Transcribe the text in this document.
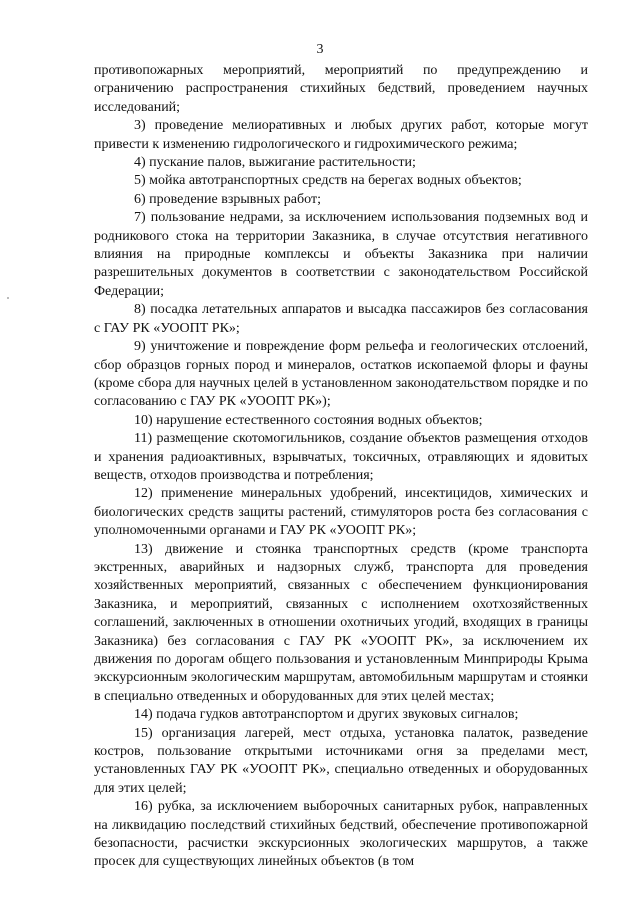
3

противопожарных мероприятий, мероприятий по предупреждению и ограничению распространения стихийных бедствий, проведением научных исследований;

3) проведение мелиоративных и любых других работ, которые могут привести к изменению гидрологического и гидрохимического режима;

4) пускание палов, выжигание растительности;

5) мойка автотранспортных средств на берегах водных объектов;

6) проведение взрывных работ;

7) пользование недрами, за исключением использования подземных вод и родникового стока на территории Заказника, в случае отсутствия негативного влияния на природные комплексы и объекты Заказника при наличии разрешительных документов в соответствии с законодательством Российской Федерации;

8) посадка летательных аппаратов и высадка пассажиров без согласования с ГАУ РК «УООПТ РК»;

9) уничтожение и повреждение форм рельефа и геологических отслоений, сбор образцов горных пород и минералов, остатков ископаемой флоры и фауны (кроме сбора для научных целей в установленном законодательством порядке и по согласованию с ГАУ РК «УООПТ РК»);

10) нарушение естественного состояния водных объектов;

11) размещение скотомогильников, создание объектов размещения отходов и хранения радиоактивных, взрывчатых, токсичных, отравляющих и ядовитых веществ, отходов производства и потребления;

12) применение минеральных удобрений, инсектицидов, химических и биологических средств защиты растений, стимуляторов роста без согласования с уполномоченными органами и ГАУ РК «УООПТ РК»;

13) движение и стоянка транспортных средств (кроме транспорта экстренных, аварийных и надзорных служб, транспорта для проведения хозяйственных мероприятий, связанных с обеспечением функционирования Заказника, и мероприятий, связанных с исполнением охотхозяйственных соглашений, заключенных в отношении охотничьих угодий, входящих в границы Заказника) без согласования с ГАУ РК «УООПТ РК», за исключением их движения по дорогам общего пользования и установленным Минприроды Крыма экскурсионным экологическим маршрутам, автомобильным маршрутам и стоянки в специально отведенных и оборудованных для этих целей местах;

14) подача гудков автотранспортом и других звуковых сигналов;

15) организация лагерей, мест отдыха, установка палаток, разведение костров, пользование открытыми источниками огня за пределами мест, установленных ГАУ РК «УООПТ РК», специально отведенных и оборудованных для этих целей;

16) рубка, за исключением выборочных санитарных рубок, направленных на ликвидацию последствий стихийных бедствий, обеспечение противопожарной безопасности, расчистки экскурсионных экологических маршрутов, а также просек для существующих линейных объектов (в том
